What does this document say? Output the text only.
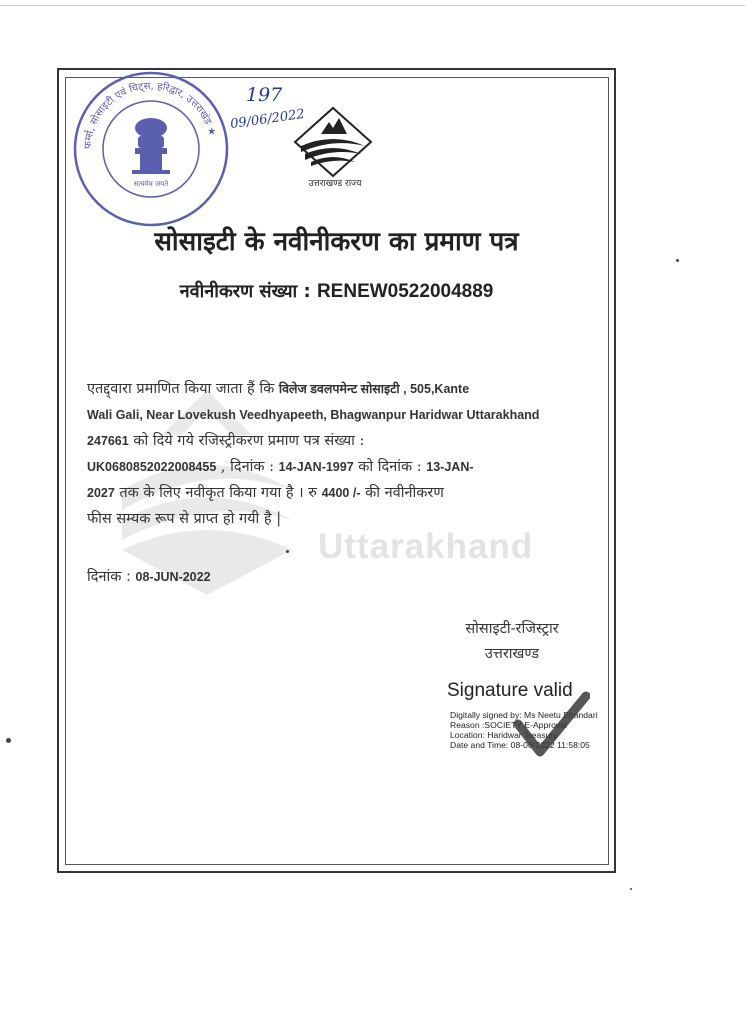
Uttarakhand
फर्म्स, सोसाइटी एवं चिट्स, हरिद्वार, उत्तराखंड ★
सत्यमेव जयते
197
09/06/2022
उत्तराखण्ड राज्य
सोसाइटी के नवीनीकरण का प्रमाण पत्र
नवीनीकरण संख्या : RENEW0522004889
एतद्द्वारा प्रमाणित किया जाता हैं कि विलेज डवलपमेन्ट सोसाइटी , 505,Kante
Wali Gali, Near Lovekush Veedhyapeeth, Bhagwanpur Haridwar Uttarakhand
247661 को दिये गये रजिस्ट्रीकरण प्रमाण पत्र संख्या :
UK0680852022008455 , दिनांक : 14-JAN-1997 को दिनांक : 13-JAN-
2027 तक के लिए नवीकृत किया गया है । रु 4400 /- की नवीनीकरण
फीस सम्यक रूप से प्राप्त हो गयी है |
दिनांक : 08-JUN-2022
सोसाइटी-रजिस्ट्रार
उत्तराखण्ड
Signature valid
Digitally signed by: Ms Neetu Bhandari
Reason :SOCIETY E-Approval
Location: Haridwar Treasury
Date and Time: 08-06-2022 11:58:05
